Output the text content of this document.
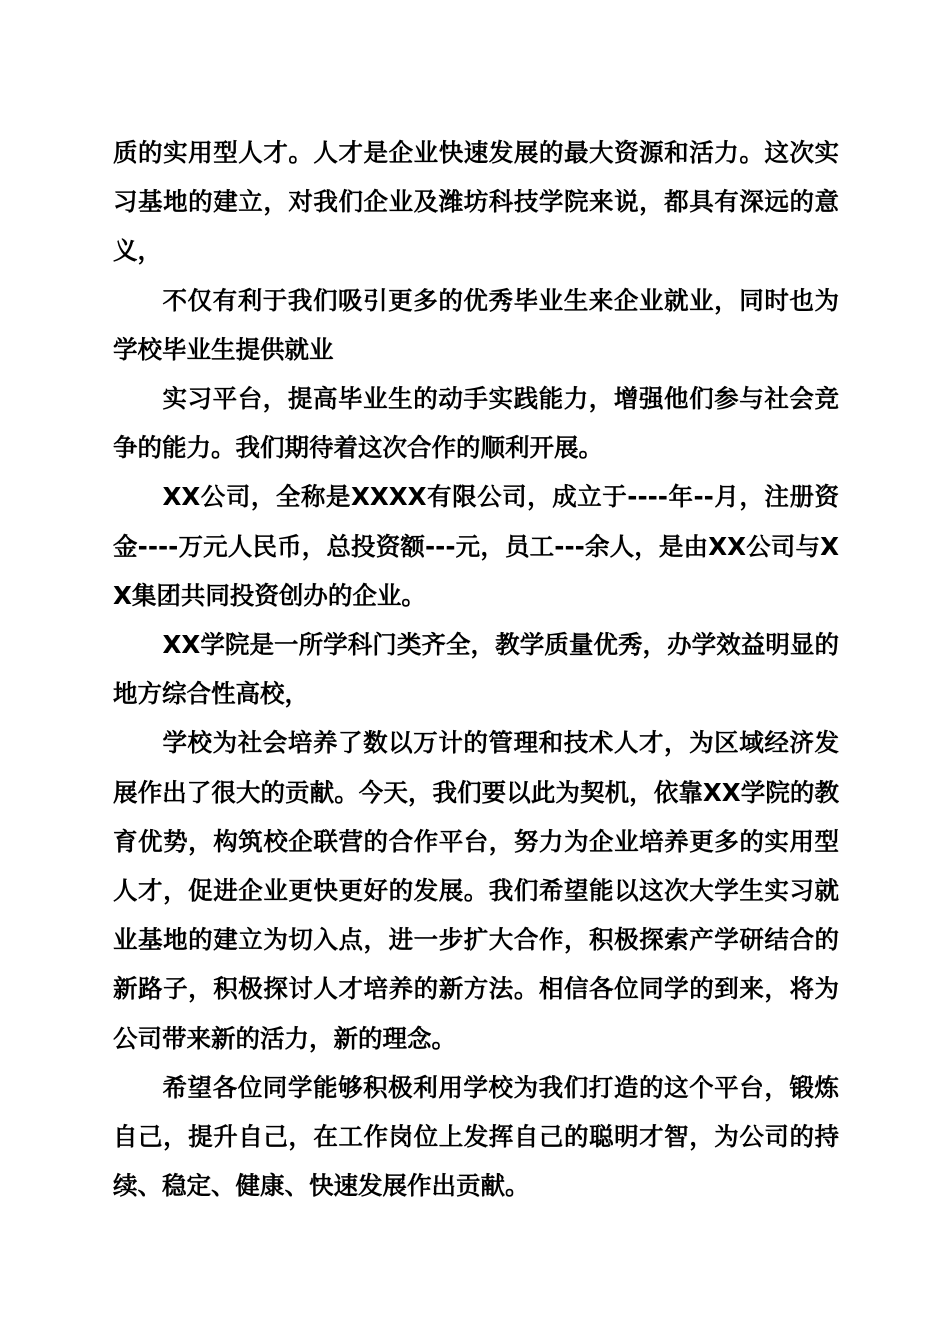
质的实用型人才。人才是企业快速发展的最大资源和活力。这次实习基地的建立，对我们企业及潍坊科技学院来说，都具有深远的意义，

不仅有利于我们吸引更多的优秀毕业生来企业就业，同时也为学校毕业生提供就业

实习平台，提高毕业生的动手实践能力，增强他们参与社会竞争的能力。我们期待着这次合作的顺利开展。

XX公司，全称是XXXX有限公司，成立于----年--月，注册资金----万元人民币，总投资额---元，员工---余人，是由XX公司与XX集团共同投资创办的企业。

XX学院是一所学科门类齐全，教学质量优秀，办学效益明显的地方综合性高校，

学校为社会培养了数以万计的管理和技术人才，为区域经济发展作出了很大的贡献。今天，我们要以此为契机，依靠XX学院的教育优势，构筑校企联营的合作平台，努力为企业培养更多的实用型人才，促进企业更快更好的发展。我们希望能以这次大学生实习就业基地的建立为切入点，进一步扩大合作，积极探索产学研结合的新路子，积极探讨人才培养的新方法。相信各位同学的到来，将为公司带来新的活力，新的理念。

希望各位同学能够积极利用学校为我们打造的这个平台，锻炼自己，提升自己，在工作岗位上发挥自己的聪明才智，为公司的持续、稳定、健康、快速发展作出贡献。
